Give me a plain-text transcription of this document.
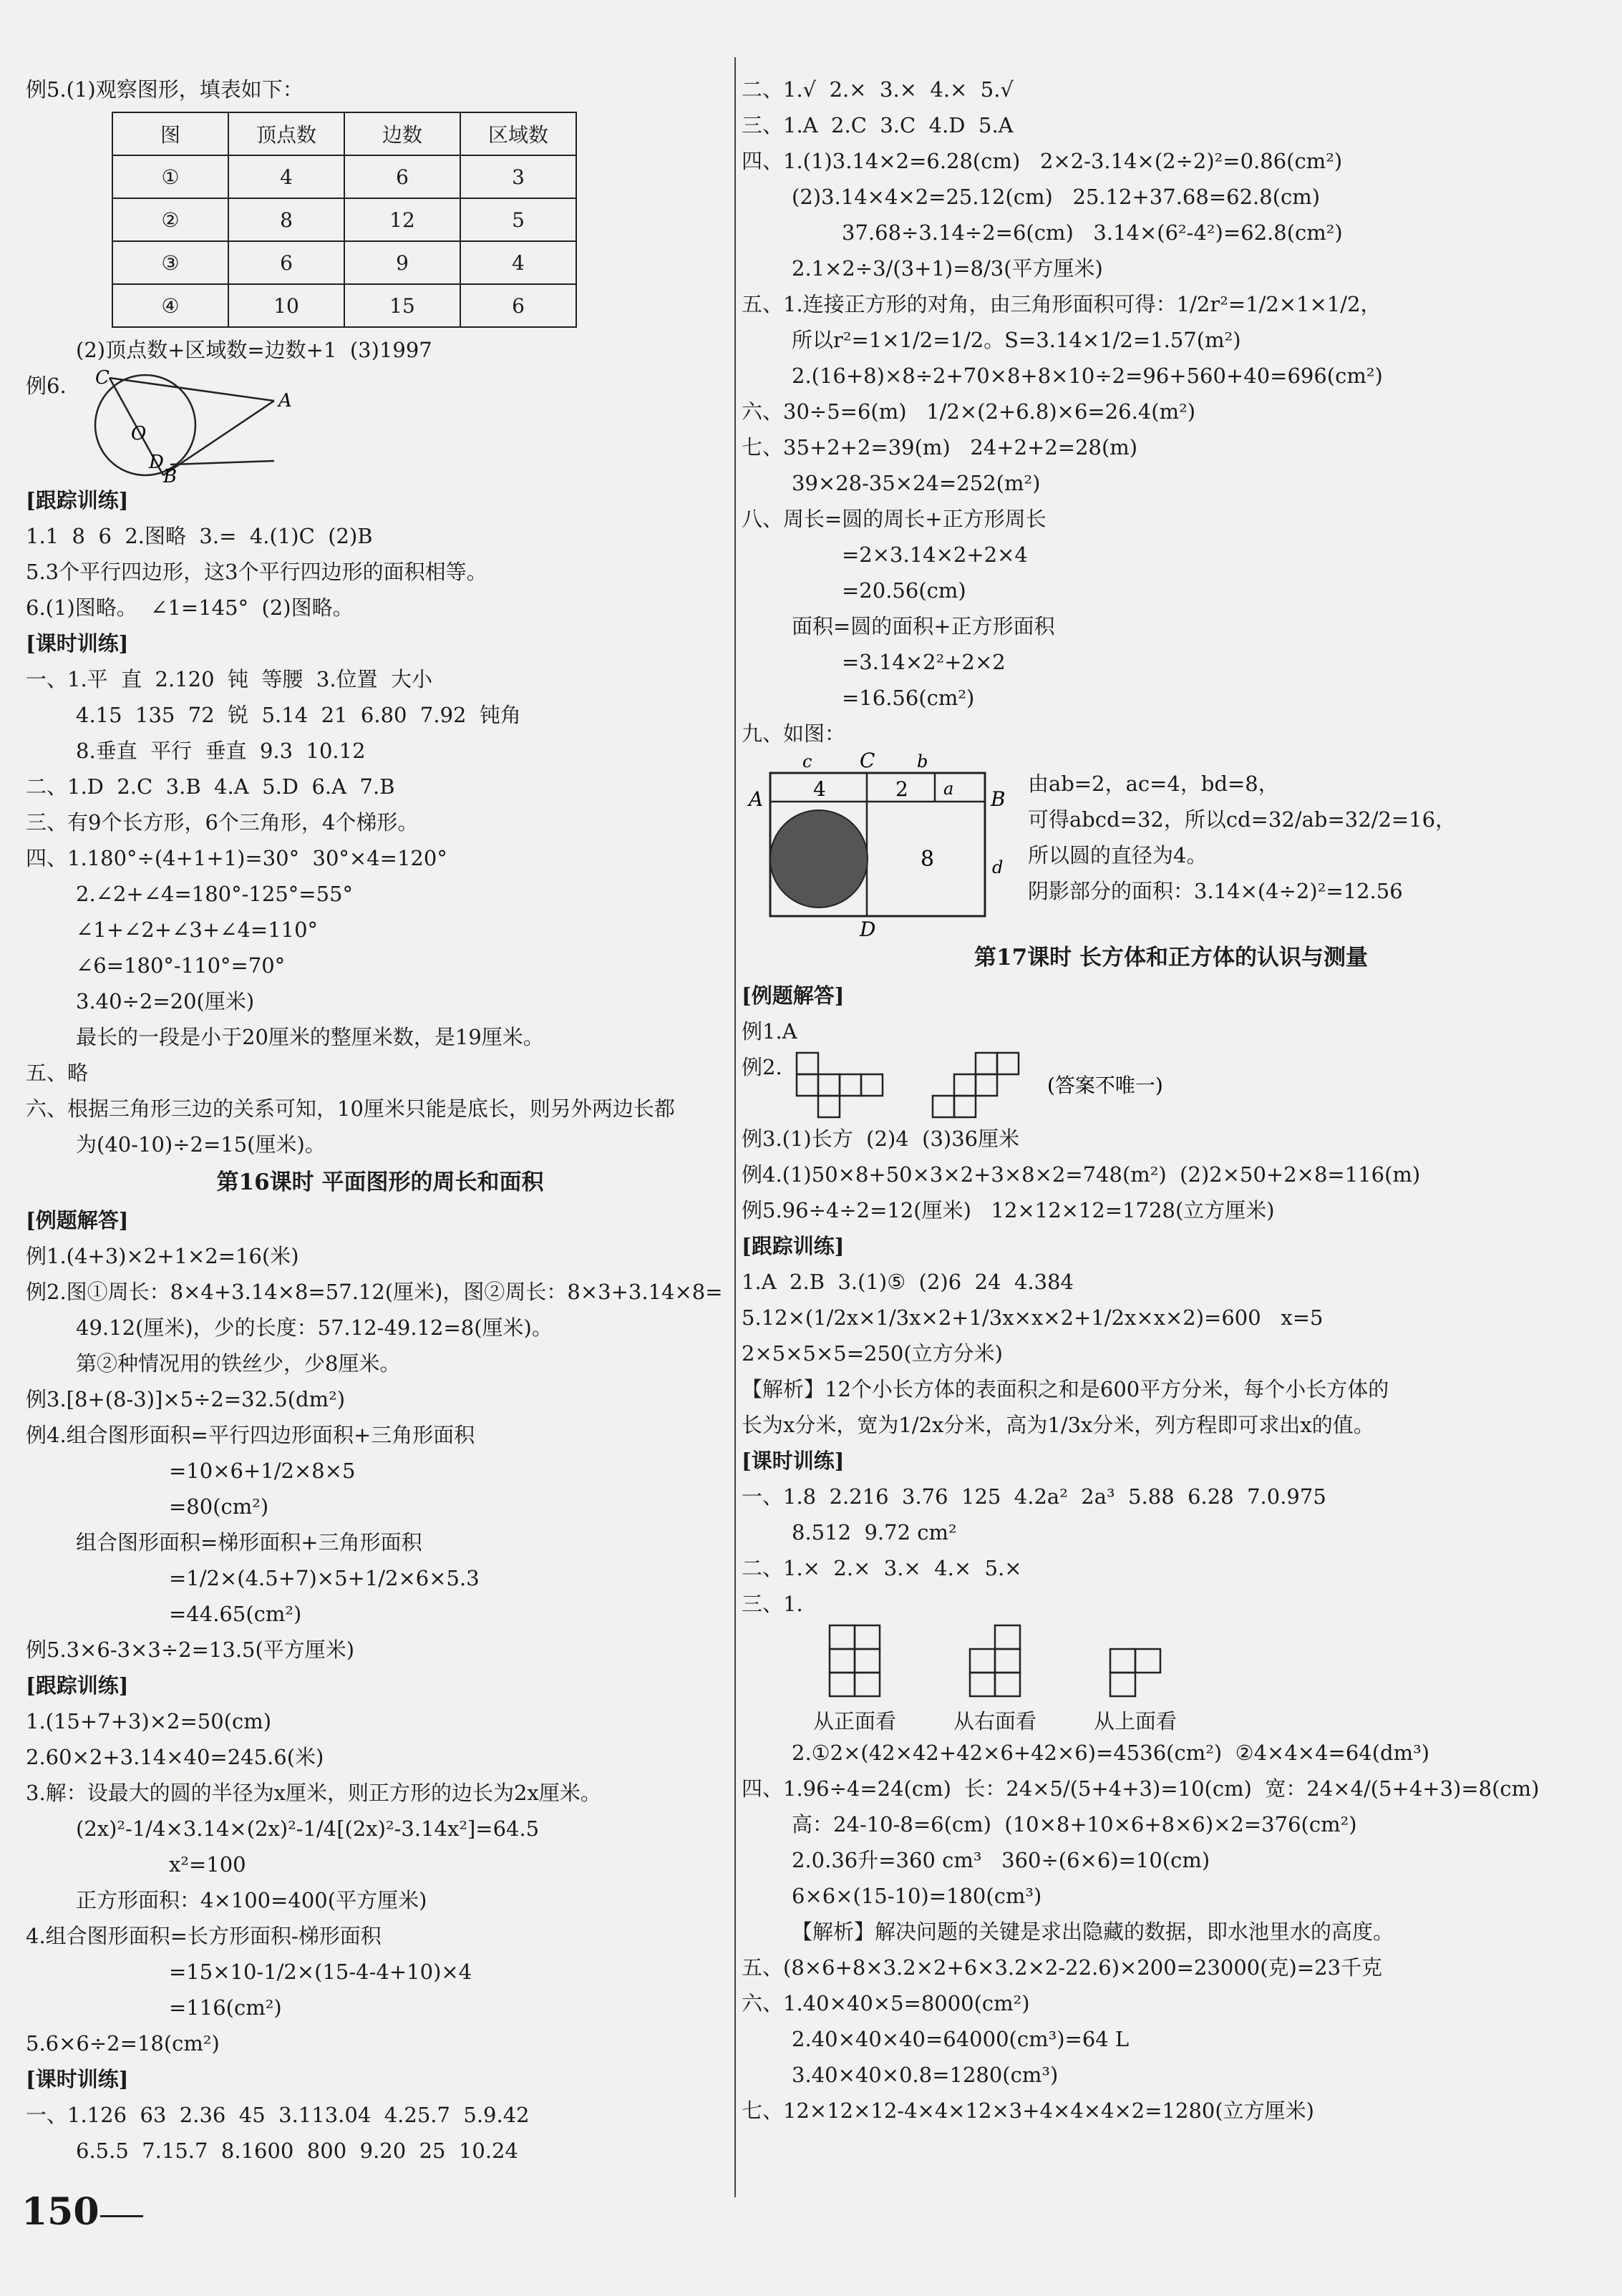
例5.(1)观察图形，填表如下：
图	顶点数	边数	区域数
①	4	6	3
②	8	12	5
③	6	9	4
④	10	15	6
(2)顶点数+区域数=边数+1  (3)1997
例6. C
A
O
D
B
[跟踪训练]
1.1  8  6  2.图略  3.=  4.(1)C  (2)B
5.3个平行四边形，这3个平行四边形的面积相等。
6.(1)图略。  ∠1=145°  (2)图略。
[课时训练]
一、1.平  直  2.120  钝  等腰  3.位置  大小
4.15  135  72  锐  5.14  21  6.80  7.92  钝角
8.垂直  平行  垂直  9.3  10.12
二、1.D  2.C  3.B  4.A  5.D  6.A  7.B
三、有9个长方形，6个三角形，4个梯形。
四、1.180°÷(4+1+1)=30°  30°×4=120°
2.∠2+∠4=180°-125°=55°
∠1+∠2+∠3+∠4=110°
∠6=180°-110°=70°
3.40÷2=20(厘米)
最长的一段是小于20厘米的整厘米数，是19厘米。
五、略
六、根据三角形三边的关系可知，10厘米只能是底长，则另外两边长都
为(40-10)÷2=15(厘米)。
第16课时 平面图形的周长和面积
[例题解答]
例1.(4+3)×2+1×2=16(米)
例2.图①周长：8×4+3.14×8=57.12(厘米)，图②周长：8×3+3.14×8=
49.12(厘米)，少的长度：57.12-49.12=8(厘米)。
第②种情况用的铁丝少，少8厘米。
例3.[8+(8-3)]×5÷2=32.5(dm²)
例4.组合图形面积=平行四边形面积+三角形面积
=10×6+1/2×8×5
=80(cm²)
组合图形面积=梯形面积+三角形面积
=1/2×(4.5+7)×5+1/2×6×5.3
=44.65(cm²)
例5.3×6-3×3÷2=13.5(平方厘米)
[跟踪训练]
1.(15+7+3)×2=50(cm)
2.60×2+3.14×40=245.6(米)
3.解：设最大的圆的半径为x厘米，则正方形的边长为2x厘米。
(2x)²-1/4×3.14×(2x)²-1/4[(2x)²-3.14x²]=64.5
x²=100
正方形面积：4×100=400(平方厘米)
4.组合图形面积=长方形面积-梯形面积
=15×10-1/2×(15-4-4+10)×4
=116(cm²)
5.6×6÷2=18(cm²)
[课时训练]
一、1.126  63  2.36  45  3.113.04  4.25.7  5.9.42
6.5.5  7.15.7  8.1600  800  9.20  25  10.24
二、1.√  2.×  3.×  4.×  5.√
三、1.A  2.C  3.C  4.D  5.A
四、1.(1)3.14×2=6.28(cm)   2×2-3.14×(2÷2)²=0.86(cm²)
(2)3.14×4×2=25.12(cm)   25.12+37.68=62.8(cm)
37.68÷3.14÷2=6(cm)   3.14×(6²-4²)=62.8(cm²)
2.1×2÷3/(3+1)=8/3(平方厘米)
五、1.连接正方形的对角，由三角形面积可得：1/2r²=1/2×1×1/2，
所以r²=1×1/2=1/2。S=3.14×1/2=1.57(m²)
2.(16+8)×8÷2+70×8+8×10÷2=96+560+40=696(cm²)
六、30÷5=6(m)   1/2×(2+6.8)×6=26.4(m²)
七、35+2+2=39(m)   24+2+2=28(m)
39×28-35×24=252(m²)
八、周长=圆的周长+正方形周长
=2×3.14×2+2×4
=20.56(cm)
面积=圆的面积+正方形面积
=3.14×2²+2×2
=16.56(cm²)
九、如图：
c C b
A 4	2 a B
8	d
D
由ab=2，ac=4，bd=8，
可得abcd=32，所以cd=32/ab=32/2=16，
所以圆的直径为4。
阴影部分的面积：3.14×(4÷2)²=12.56
第17课时 长方体和正方体的认识与测量
[例题解答]
例1.A
例2.
(答案不唯一)
例3.(1)长方  (2)4  (3)36厘米
例4.(1)50×8+50×3×2+3×8×2=748(m²)  (2)2×50+2×8=116(m)
例5.96÷4÷2=12(厘米)   12×12×12=1728(立方厘米)
[跟踪训练]
1.A  2.B  3.(1)⑤  (2)6  24  4.384
5.12×(1/2x×1/3x×2+1/3x×x×2+1/2x×x×2)=600   x=5
2×5×5×5=250(立方分米)
【解析】12个小长方体的表面积之和是600平方分米，每个小长方体的
长为x分米，宽为1/2x分米，高为1/3x分米，列方程即可求出x的值。
[课时训练]
一、1.8  2.216  3.76  125  4.2a²  2a³  5.88  6.28  7.0.975
8.512  9.72 cm²
二、1.×  2.×  3.×  4.×  5.×
三、1.
从正面看	从右面看	从上面看
2.①2×(42×42+42×6+42×6)=4536(cm²)  ②4×4×4=64(dm³)
四、1.96÷4=24(cm)  长：24×5/(5+4+3)=10(cm)  宽：24×4/(5+4+3)=8(cm)
高：24-10-8=6(cm)  (10×8+10×6+8×6)×2=376(cm²)
2.0.36升=360 cm³   360÷(6×6)=10(cm)
6×6×(15-10)=180(cm³)
【解析】解决问题的关键是求出隐藏的数据，即水池里水的高度。
五、(8×6+8×3.2×2+6×3.2×2-22.6)×200=23000(克)=23千克
六、1.40×40×5=8000(cm²)
2.40×40×40=64000(cm³)=64 L
3.40×40×0.8=1280(cm³)
七、12×12×12-4×4×12×3+4×4×4×2=1280(立方厘米)
150
